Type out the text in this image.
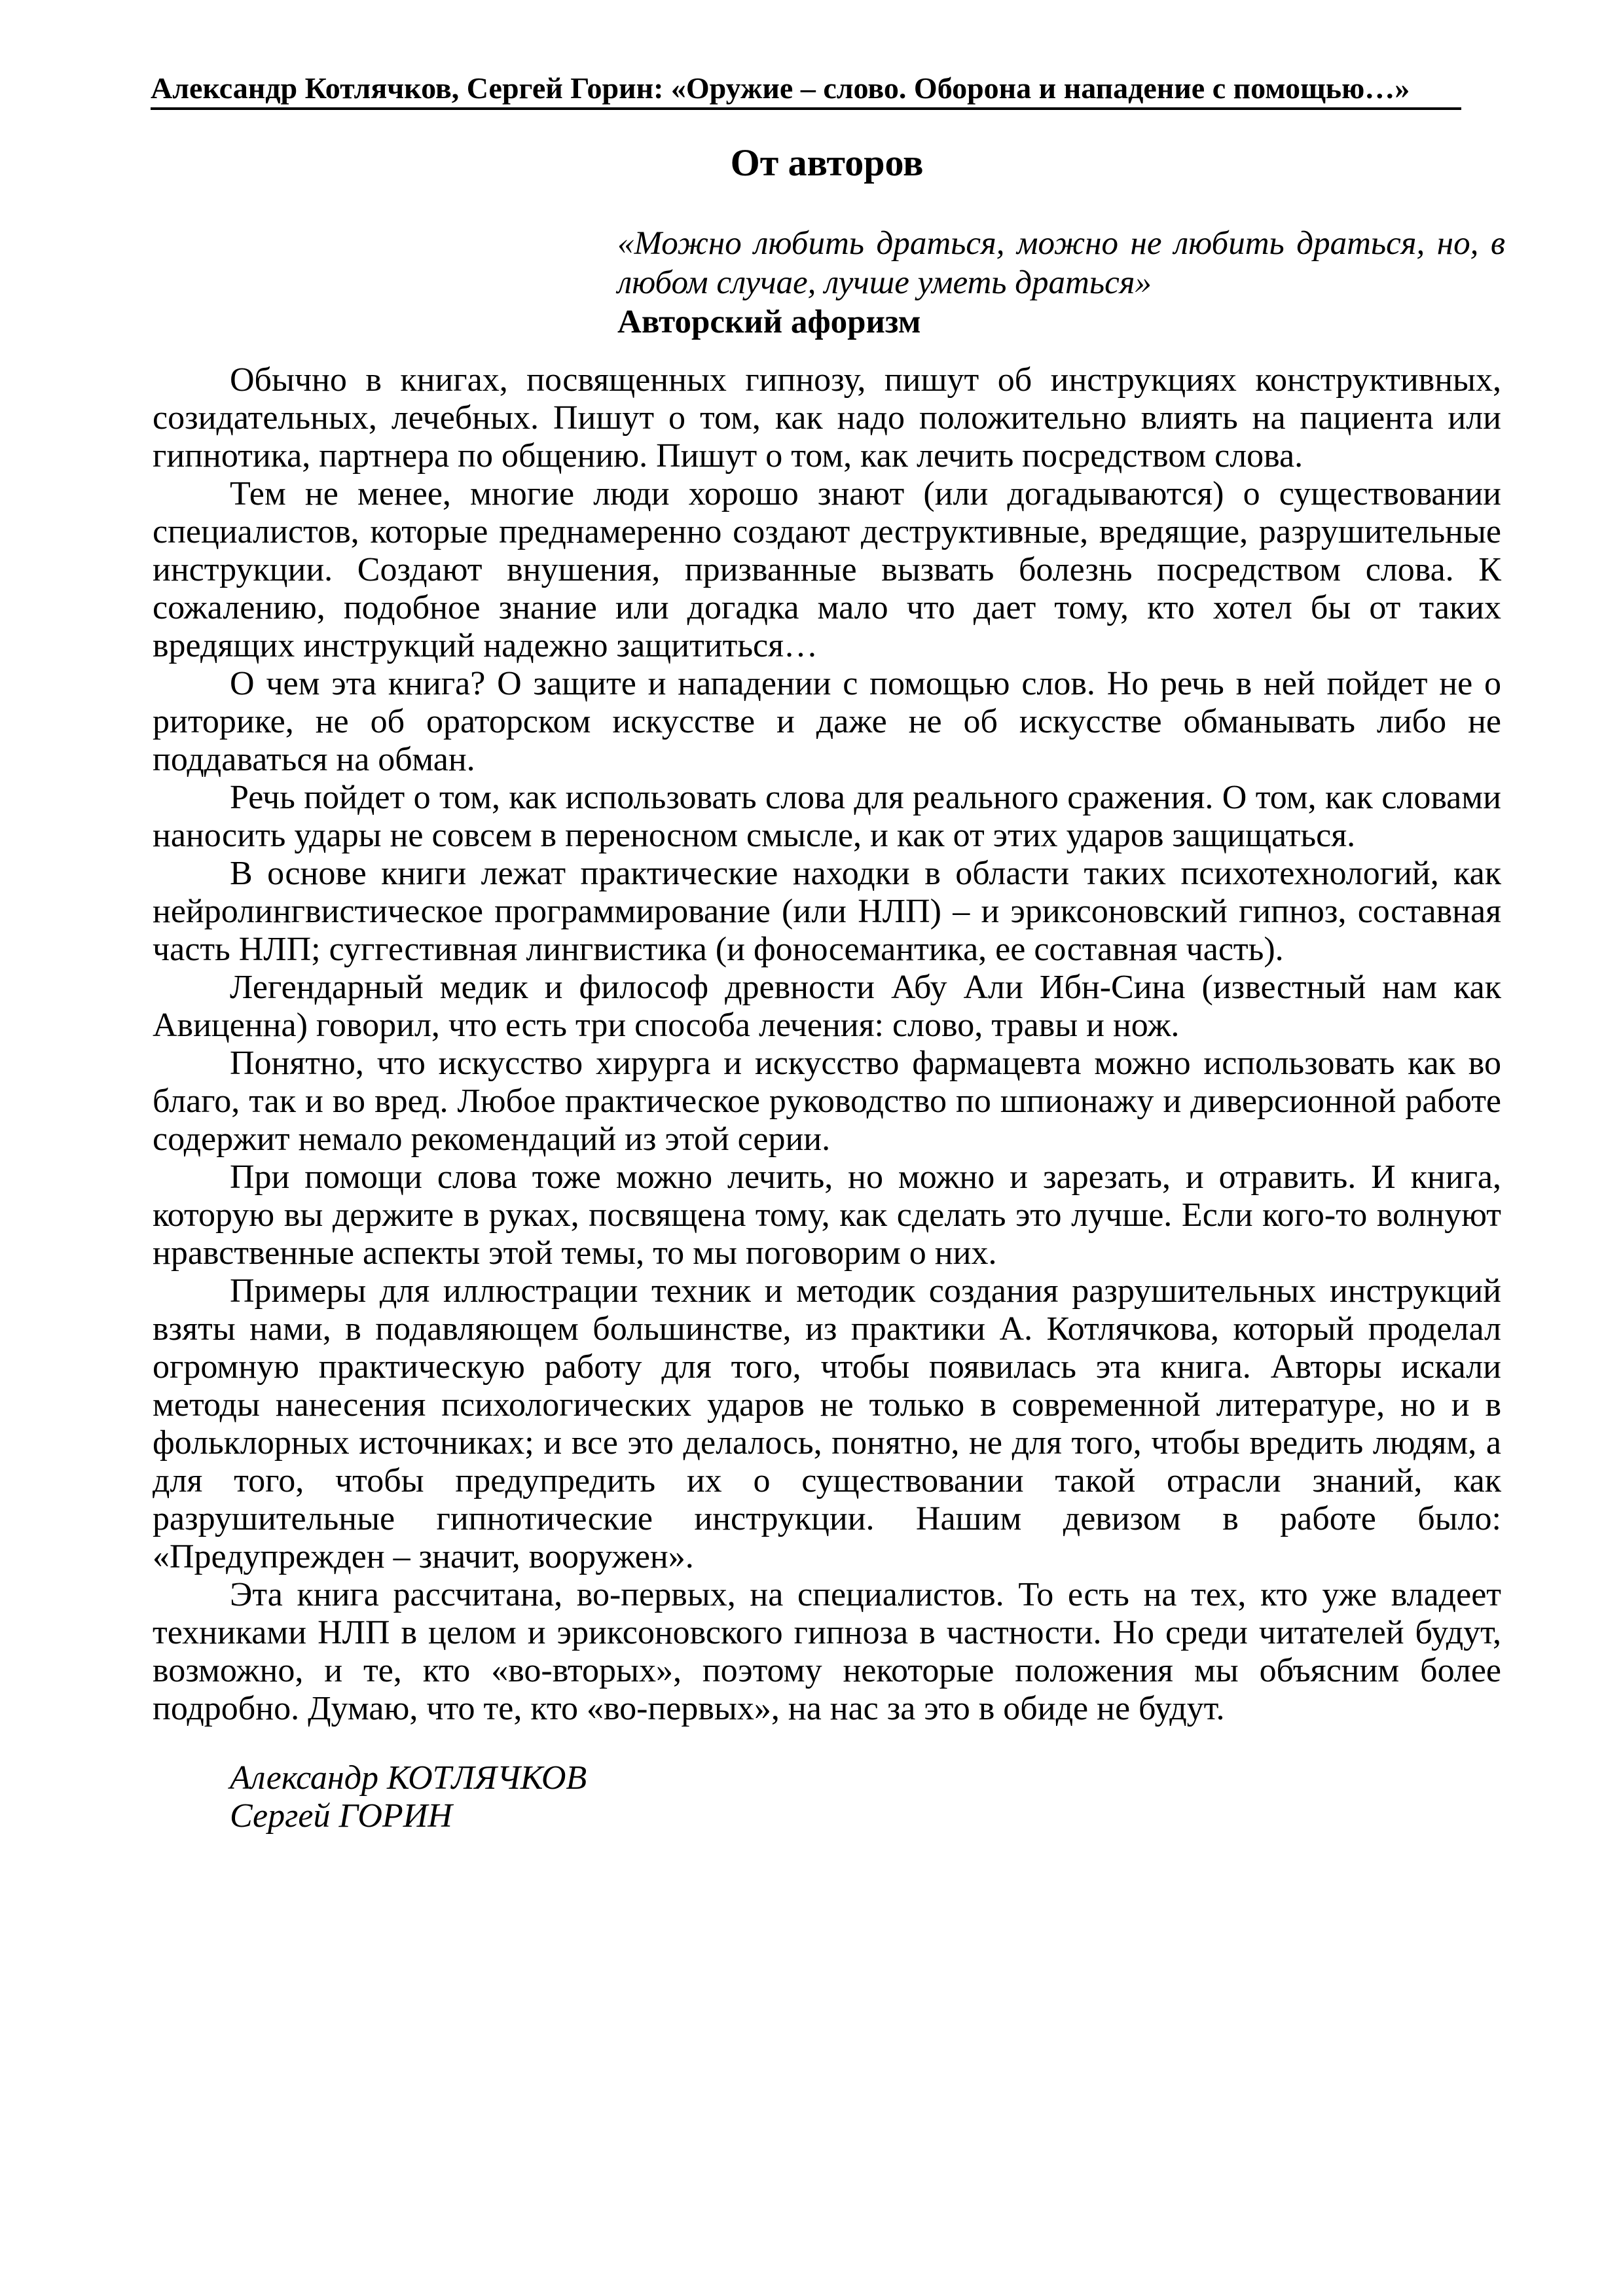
Александр Котлячков, Сергей Горин: «Оружие – слово. Оборона и нападение с помощью…»
От авторов
«Можно любить драться, можно не любить драться, но, в любом случае, лучше уметь драться»
Авторский афоризм

Обычно в книгах, посвященных гипнозу, пишут об инструкциях конструктивных, созидательных, лечебных. Пишут о том, как надо положительно влиять на пациента или гипнотика, партнера по общению. Пишут о том, как лечить посредством слова.

Тем не менее, многие люди хорошо знают (или догадываются) о существовании специалистов, которые преднамеренно создают деструктивные, вредящие, разрушительные инструкции. Создают внушения, призванные вызвать болезнь посредством слова. К сожалению, подобное знание или догадка мало что дает тому, кто хотел бы от таких вредящих инструкций надежно защититься…

О чем эта книга? О защите и нападении с помощью слов. Но речь в ней пойдет не о риторике, не об ораторском искусстве и даже не об искусстве обманывать либо не поддаваться на обман.

Речь пойдет о том, как использовать слова для реального сражения. О том, как словами наносить удары не совсем в переносном смысле, и как от этих ударов защищаться.

В основе книги лежат практические находки в области таких психотехнологий, как нейролингвистическое программирование (или НЛП) – и эриксоновский гипноз, составная часть НЛП; суггестивная лингвистика (и фоносемантика, ее составная часть).

Легендарный медик и философ древности Абу Али Ибн-Сина (известный нам как Авиценна) говорил, что есть три способа лечения: слово, травы и нож.

Понятно, что искусство хирурга и искусство фармацевта можно использовать как во благо, так и во вред. Любое практическое руководство по шпионажу и диверсионной работе содержит немало рекомендаций из этой серии.

При помощи слова тоже можно лечить, но можно и зарезать, и отравить. И книга, которую вы держите в руках, посвящена тому, как сделать это лучше. Если кого-то волнуют нравственные аспекты этой темы, то мы поговорим о них.

Примеры для иллюстрации техник и методик создания разрушительных инструкций взяты нами, в подавляющем большинстве, из практики А. Котлячкова, который проделал огромную практическую работу для того, чтобы появилась эта книга. Авторы искали методы нанесения психологических ударов не только в современной литературе, но и в фольклорных источниках; и все это делалось, понятно, не для того, чтобы вредить людям, а для того, чтобы предупредить их о существовании такой отрасли знаний, как разрушительные гипнотические инструкции. Нашим девизом в работе было: «Предупрежден – значит, вооружен».

Эта книга рассчитана, во-первых, на специалистов. То есть на тех, кто уже владеет техниками НЛП в целом и эриксоновского гипноза в частности. Но среди читателей будут, возможно, и те, кто «во-вторых», поэтому некоторые положения мы объясним более подробно. Думаю, что те, кто «во-первых», на нас за это в обиде не будут.

Александр КОТЛЯЧКОВ
Сергей ГОРИН
